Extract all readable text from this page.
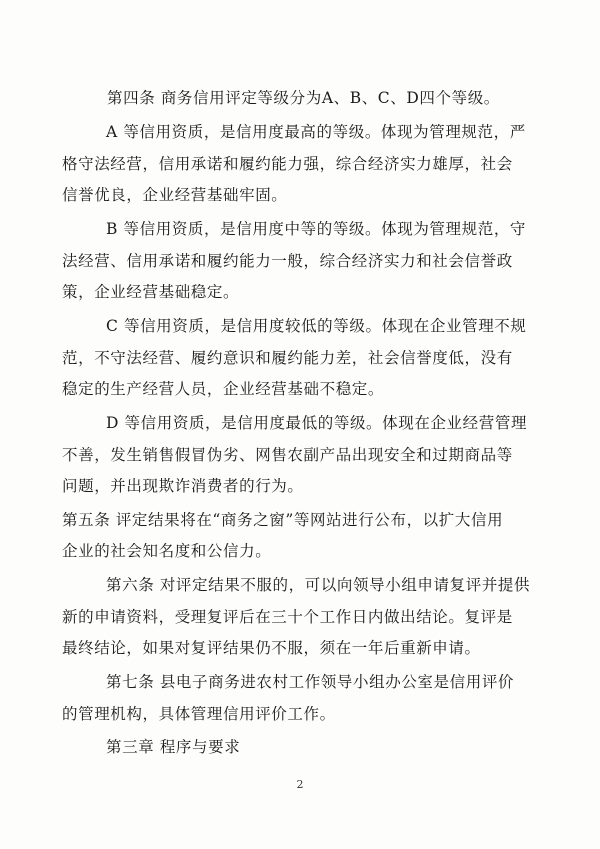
第四条 商务信用评定等级分为A、B、C、D四个等级。
A 等信用资质，是信用度最高的等级。体现为管理规范，严
格守法经营，信用承诺和履约能力强，综合经济实力雄厚，社会
信誉优良，企业经营基础牢固。
B 等信用资质，是信用度中等的等级。体现为管理规范，守
法经营、信用承诺和履约能力一般，综合经济实力和社会信誉政
策，企业经营基础稳定。
C 等信用资质，是信用度较低的等级。体现在企业管理不规
范，不守法经营、履约意识和履约能力差，社会信誉度低，没有
稳定的生产经营人员，企业经营基础不稳定。
D 等信用资质，是信用度最低的等级。体现在企业经营管理
不善，发生销售假冒伪劣、网售农副产品出现安全和过期商品等
问题，并出现欺诈消费者的行为。
第五条 评定结果将在“商务之窗”等网站进行公布，以扩大信用
企业的社会知名度和公信力。
第六条 对评定结果不服的，可以向领导小组申请复评并提供
新的申请资料，受理复评后在三十个工作日内做出结论。复评是
最终结论，如果对复评结果仍不服，须在一年后重新申请。
第七条 县电子商务进农村工作领导小组办公室是信用评价
的管理机构，具体管理信用评价工作。
第三章 程序与要求
2
